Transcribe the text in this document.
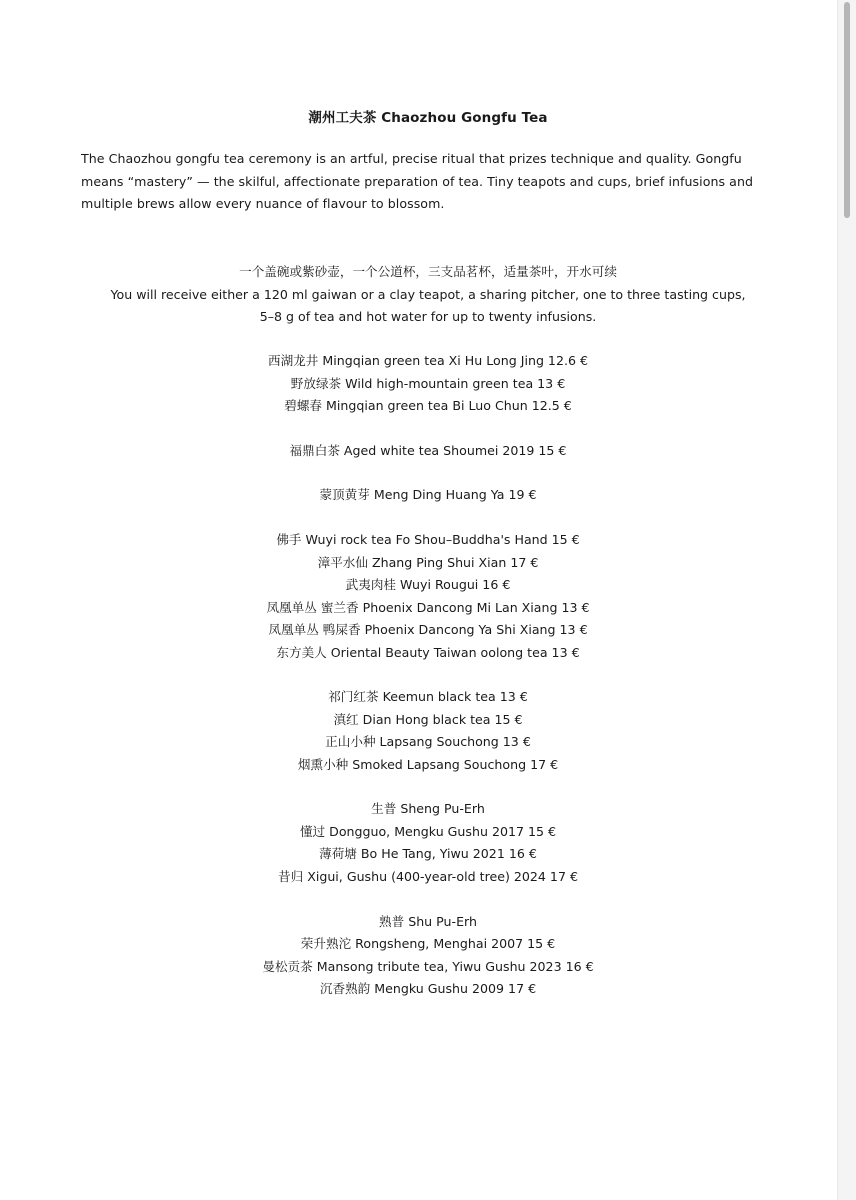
潮州工夫茶 Chaozhou Gongfu Tea
The Chaozhou gongfu tea ceremony is an artful, precise ritual that prizes technique and quality. Gongfu means “mastery” — the skilful, affectionate preparation of tea. Tiny teapots and cups, brief infusions and multiple brews allow every nuance of flavour to blossom.
一个盖碗或紫砂壶，一个公道杯，三支品茗杯，适量茶叶，开水可续
You will receive either a 120 ml gaiwan or a clay teapot, a sharing pitcher, one to three tasting cups,
5–8 g of tea and hot water for up to twenty infusions.
西湖龙井 Mingqian green tea Xi Hu Long Jing 12.6 €
野放绿茶 Wild high-mountain green tea 13 €
碧螺春 Mingqian green tea Bi Luo Chun 12.5 €
福鼎白茶 Aged white tea Shoumei 2019 15 €
蒙顶黄芽 Meng Ding Huang Ya 19 €
佛手 Wuyi rock tea Fo Shou–Buddha's Hand 15 €
漳平水仙 Zhang Ping Shui Xian 17 €
武夷肉桂 Wuyi Rougui 16 €
凤凰单丛 蜜兰香 Phoenix Dancong Mi Lan Xiang 13 €
凤凰单丛 鸭屎香 Phoenix Dancong Ya Shi Xiang 13 €
东方美人 Oriental Beauty Taiwan oolong tea 13 €
祁门红茶 Keemun black tea 13 €
滇红 Dian Hong black tea 15 €
正山小种 Lapsang Souchong 13 €
烟熏小种 Smoked Lapsang Souchong 17 €
生普 Sheng Pu-Erh
懂过 Dongguo, Mengku Gushu 2017 15 €
薄荷塘 Bo He Tang, Yiwu 2021 16 €
昔归 Xigui, Gushu (400-year-old tree) 2024 17 €
熟普 Shu Pu-Erh
荣升熟沱 Rongsheng, Menghai 2007 15 €
曼松贡茶 Mansong tribute tea, Yiwu Gushu 2023 16 €
沉香熟韵 Mengku Gushu 2009 17 €
